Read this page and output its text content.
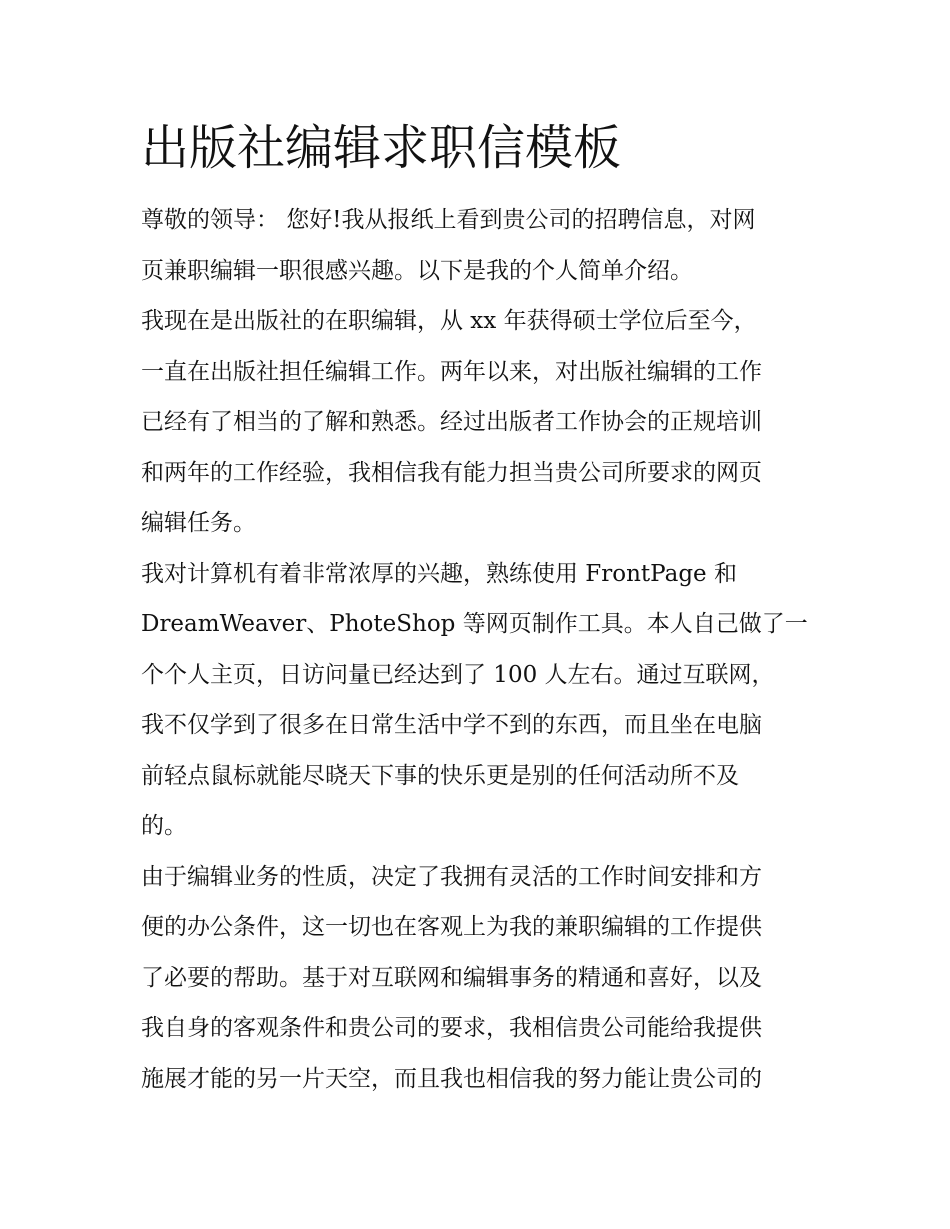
出版社编辑求职信模板
尊敬的领导： 您好!我从报纸上看到贵公司的招聘信息，对网
页兼职编辑一职很感兴趣。以下是我的个人简单介绍。
我现在是出版社的在职编辑，从 xx 年获得硕士学位后至今，
一直在出版社担任编辑工作。两年以来，对出版社编辑的工作
已经有了相当的了解和熟悉。经过出版者工作协会的正规培训
和两年的工作经验，我相信我有能力担当贵公司所要求的网页
编辑任务。
我对计算机有着非常浓厚的兴趣，熟练使用 FrontPage 和
DreamWeaver、PhoteShop 等网页制作工具。本人自己做了一
个个人主页，日访问量已经达到了 100 人左右。通过互联网，
我不仅学到了很多在日常生活中学不到的东西，而且坐在电脑
前轻点鼠标就能尽晓天下事的快乐更是别的任何活动所不及
的。
由于编辑业务的性质，决定了我拥有灵活的工作时间安排和方
便的办公条件，这一切也在客观上为我的兼职编辑的工作提供
了必要的帮助。基于对互联网和编辑事务的精通和喜好，以及
我自身的客观条件和贵公司的要求，我相信贵公司能给我提供
施展才能的另一片天空，而且我也相信我的努力能让贵公司的
